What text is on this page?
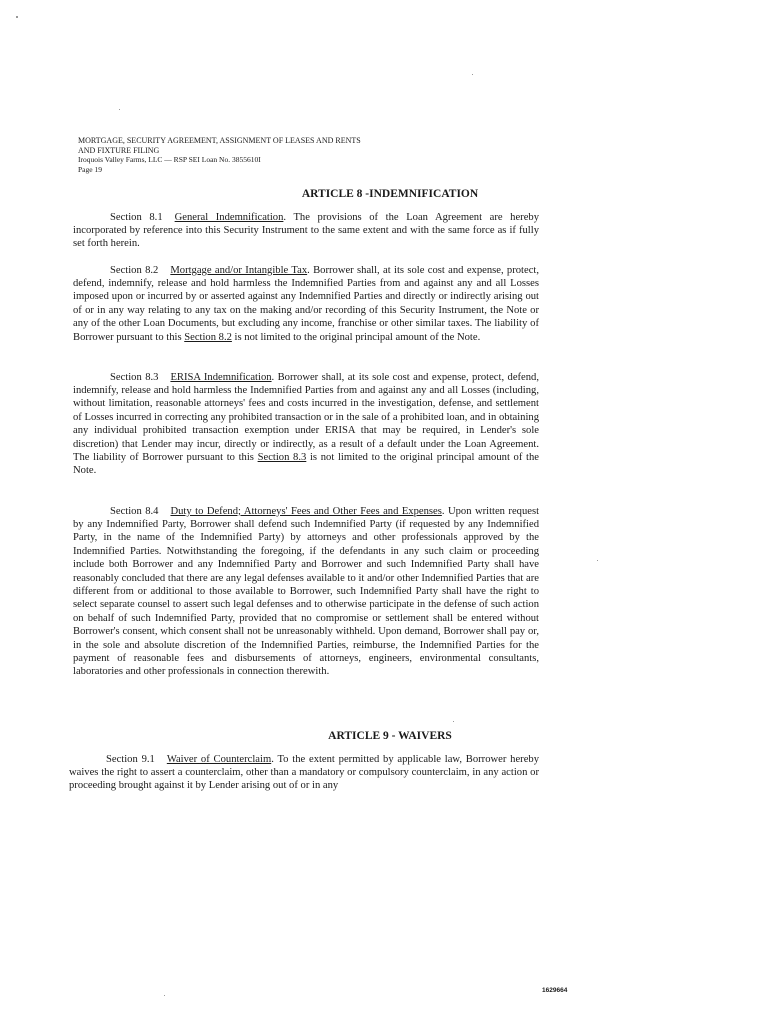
MORTGAGE, SECURITY AGREEMENT, ASSIGNMENT OF LEASES AND RENTS
AND FIXTURE FILING
Iroquois Valley Farms, LLC — RSP SEI Loan No. 3855610I
Page 19
ARTICLE 8 -INDEMNIFICATION

Section 8.1 General Indemnification. The provisions of the Loan Agreement are hereby incorporated by reference into this Security Instrument to the same extent and with the same force as if fully set forth herein.

Section 8.2 Mortgage and/or Intangible Tax. Borrower shall, at its sole cost and expense, protect, defend, indemnify, release and hold harmless the Indemnified Parties from and against any and all Losses imposed upon or incurred by or asserted against any Indemnified Parties and directly or indirectly arising out of or in any way relating to any tax on the making and/or recording of this Security Instrument, the Note or any of the other Loan Documents, but excluding any income, franchise or other similar taxes. The liability of Borrower pursuant to this Section 8.2 is not limited to the original principal amount of the Note.

Section 8.3 ERISA Indemnification. Borrower shall, at its sole cost and expense, protect, defend, indemnify, release and hold harmless the Indemnified Parties from and against any and all Losses (including, without limitation, reasonable attorneys' fees and costs incurred in the investigation, defense, and settlement of Losses incurred in correcting any prohibited transaction or in the sale of a prohibited loan, and in obtaining any individual prohibited transaction exemption under ERISA that may be required, in Lender's sole discretion) that Lender may incur, directly or indirectly, as a result of a default under the Loan Agreement. The liability of Borrower pursuant to this Section 8.3 is not limited to the original principal amount of the Note.

Section 8.4 Duty to Defend; Attorneys' Fees and Other Fees and Expenses. Upon written request by any Indemnified Party, Borrower shall defend such Indemnified Party (if requested by any Indemnified Party, in the name of the Indemnified Party) by attorneys and other professionals approved by the Indemnified Parties. Notwithstanding the foregoing, if the defendants in any such claim or proceeding include both Borrower and any Indemnified Party and Borrower and such Indemnified Party shall have reasonably concluded that there are any legal defenses available to it and/or other Indemnified Parties that are different from or additional to those available to Borrower, such Indemnified Party shall have the right to select separate counsel to assert such legal defenses and to otherwise participate in the defense of such action on behalf of such Indemnified Party, provided that no compromise or settlement shall be entered without Borrower's consent, which consent shall not be unreasonably withheld. Upon demand, Borrower shall pay or, in the sole and absolute discretion of the Indemnified Parties, reimburse, the Indemnified Parties for the payment of reasonable fees and disbursements of attorneys, engineers, environmental consultants, laboratories and other professionals in connection therewith.

ARTICLE 9 - WAIVERS

Section 9.1 Waiver of Counterclaim. To the extent permitted by applicable law, Borrower hereby waives the right to assert a counterclaim, other than a mandatory or compulsory counterclaim, in any action or proceeding brought against it by Lender arising out of or in any

1629664
